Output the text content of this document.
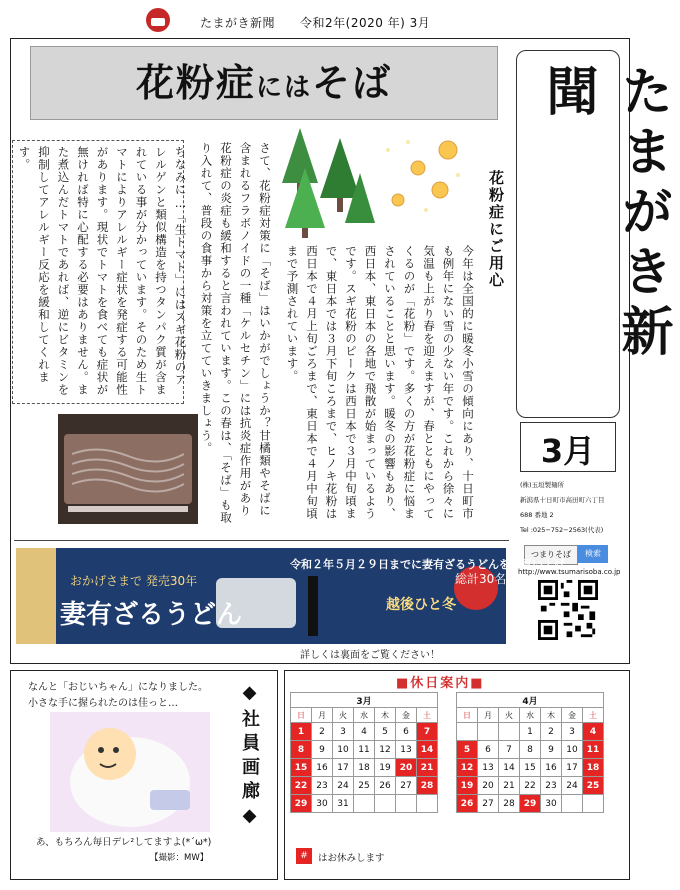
たまがき新聞　　令和2年(2020 年) 3月
花粉症にはそば	たまがき新聞
3月
(株)玉垣製麺所
新潟県十日町市高田町六丁目
688 番地 2
Tel :025−752−2563(代表)
つまりそば	検索
http://www.tsumarisoba.co.jp
花粉症にご用心
今年は全国的に暖冬小雪の傾向にあり、十日町市も例年にない雪の少ない年です。これから徐々に気温も上がり春を迎えますが、春とともにやってくるのが「花粉」です。多くの方が花粉症に悩まされていることと思います。暖冬の影響もあり、西日本、東日本の各地で飛散が始まっているようです。スギ花粉のピークは西日本で３月中旬頃まで、東日本では３月下旬ころまで、ヒノキ花粉は西日本で４月上旬ごろまで、東日本で４月中旬頃まで予測されています。
さて、花粉症対策に「そば」はいかがでしょうか？甘橘類やそばに含まれるフラボノイドの一種「ケルセチン」には抗炎症作用があり花粉症の炎症も緩和すると言われています。この春は、「そば」も取り入れて、普段の食事から対策を立てていきましょう。
ちなみに…「生トマト」にはスギ花粉のアレルゲンと類似構造を持つタンパク質が含まれている事が分かっています。そのため生トマトによりアレルギー症状を発症する可能性があります。現状でトマトを食べても症状が無ければ特に心配する必要はありません。また煮込んだトマトであれば、逆にビタミンを抑制してアレルギー反応を緩和してくれます。
令和２年５月２９日までに妻有ざるうどんをお買い上げ
おかげさまで 発売30年
妻有ざるうどん	越後ひと冬
総計30名様
詳しくは裏面をご覧ください！
なんと「おじいちゃん」になりました。
小さな手に握られたのは佳っと…
あ、もちろん毎日デレ²してますよ(*´ω*)
【撮影：MW】
◆社員画廊◆	■休日案内■
3月						
日	月	火	水	木	金	土
1	2	3	4	5	6	7
8	9	10	11	12	13	14
15	16	17	18	19	20	21
22	23	24	25	26	27	28
29	30	31				
4月						
日	月	火	水	木	金	土
			1	2	3	4
5	6	7	8	9	10	11
12	13	14	15	16	17	18
19	20	21	22	23	24	25
26	27	28	29	30		
#	はお休みします
